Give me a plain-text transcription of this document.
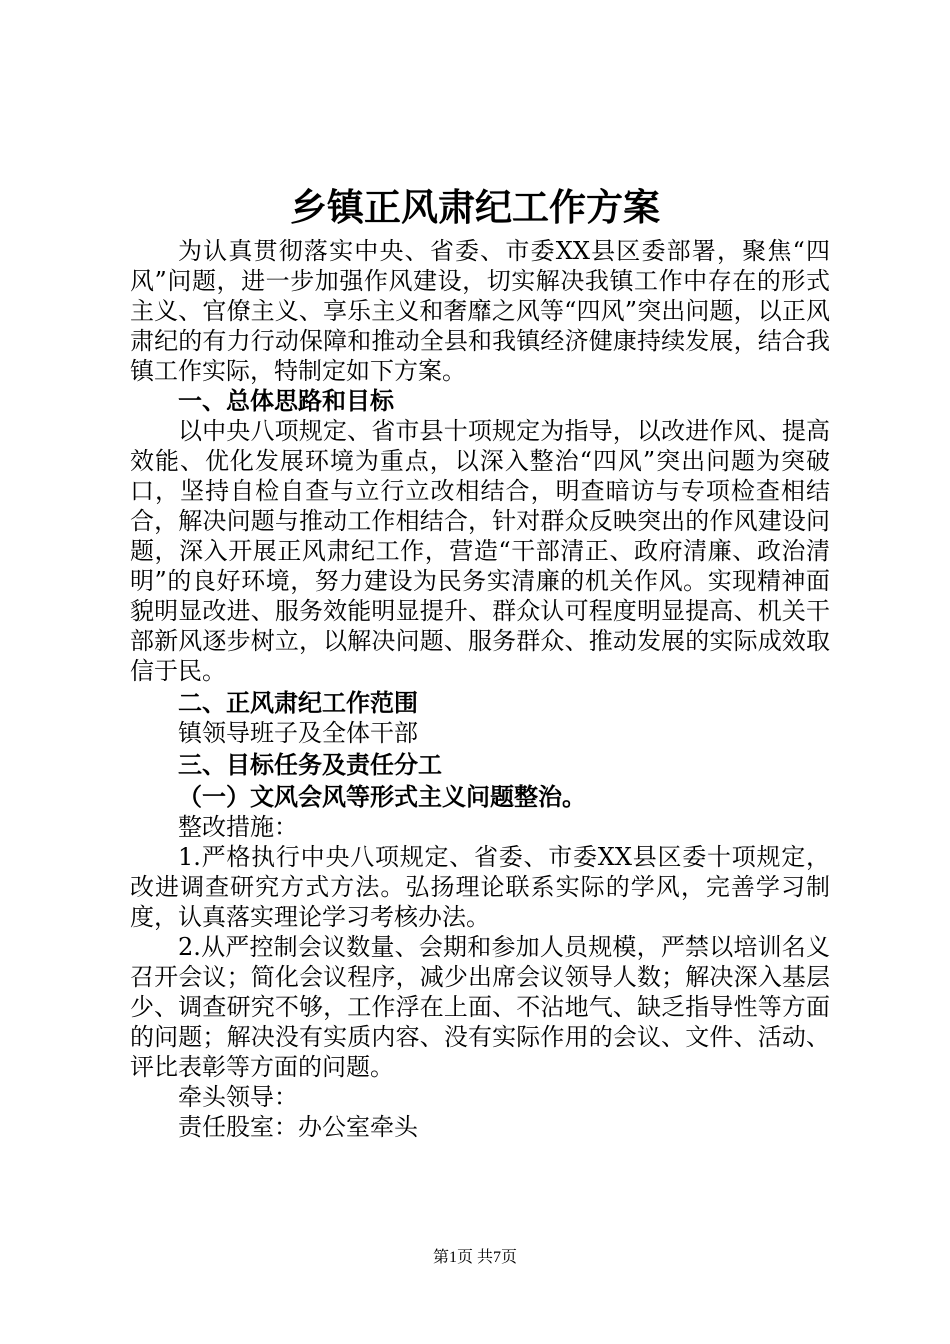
乡镇正风肃纪工作方案

为认真贯彻落实中央、省委、市委XX县区委部署，聚焦“四风”问题，进一步加强作风建设，切实解决我镇工作中存在的形式主义、官僚主义、享乐主义和奢靡之风等“四风”突出问题，以正风肃纪的有力行动保障和推动全县和我镇经济健康持续发展，结合我镇工作实际，特制定如下方案。

一、总体思路和目标

以中央八项规定、省市县十项规定为指导，以改进作风、提高效能、优化发展环境为重点，以深入整治“四风”突出问题为突破口，坚持自检自查与立行立改相结合，明查暗访与专项检查相结合，解决问题与推动工作相结合，针对群众反映突出的作风建设问题，深入开展正风肃纪工作，营造“干部清正、政府清廉、政治清明”的良好环境，努力建设为民务实清廉的机关作风。实现精神面貌明显改进、服务效能明显提升、群众认可程度明显提高、机关干部新风逐步树立，以解决问题、服务群众、推动发展的实际成效取信于民。

二、正风肃纪工作范围

镇领导班子及全体干部

三、目标任务及责任分工

（一）文风会风等形式主义问题整治。

整改措施：

1.严格执行中央八项规定、省委、市委XX县区委十项规定，改进调查研究方式方法。弘扬理论联系实际的学风，完善学习制度，认真落实理论学习考核办法。

2.从严控制会议数量、会期和参加人员规模，严禁以培训名义召开会议；简化会议程序，减少出席会议领导人数；解决深入基层少、调查研究不够，工作浮在上面、不沾地气、缺乏指导性等方面的问题；解决没有实质内容、没有实际作用的会议、文件、活动、评比表彰等方面的问题。

牵头领导：

责任股室：办公室牵头

第1页 共7页
